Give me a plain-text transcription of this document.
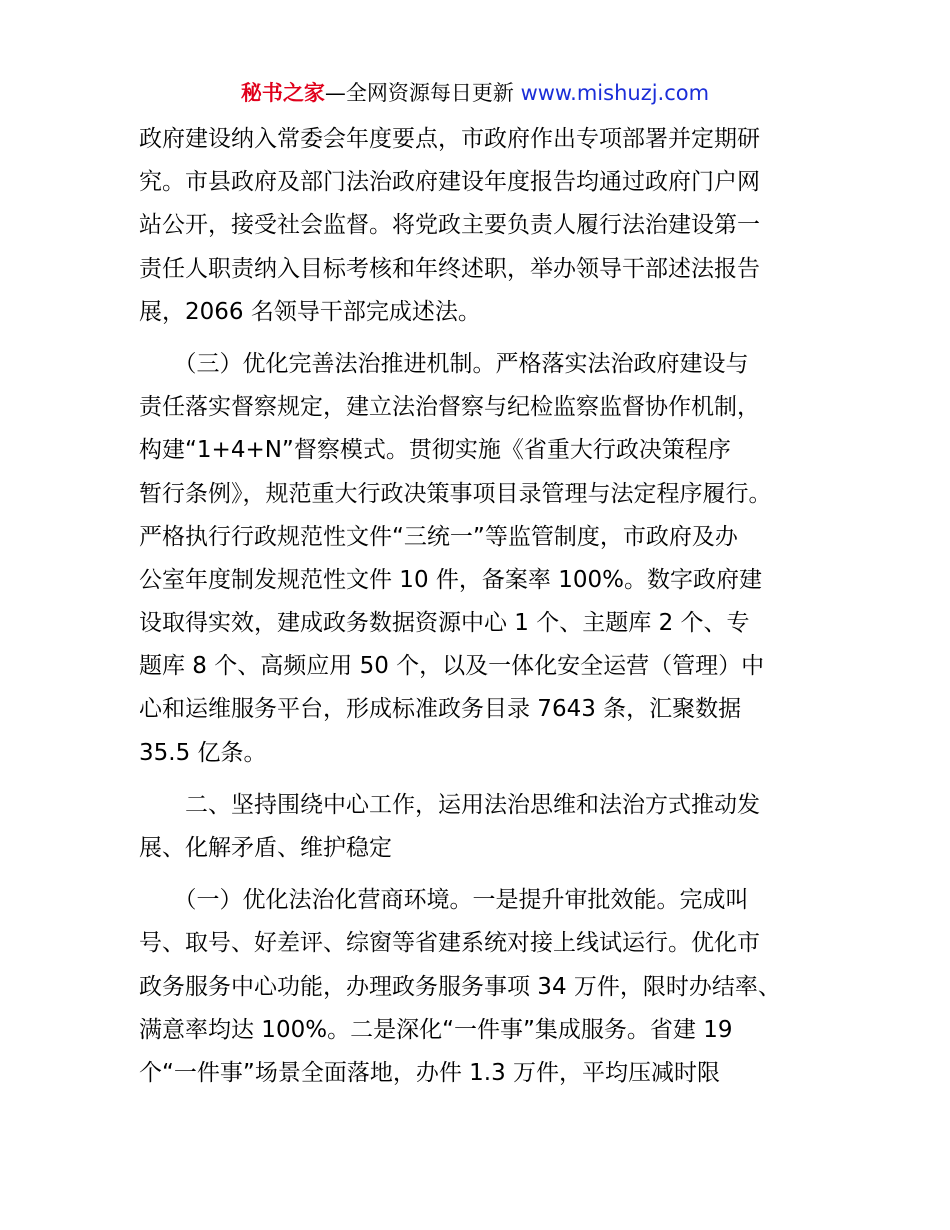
秘书之家—全网资源每日更新 www.mishuzj.com
政府建设纳入常委会年度要点，市政府作出专项部署并定期研
究。市县政府及部门法治政府建设年度报告均通过政府门户网
站公开，接受社会监督。将党政主要负责人履行法治建设第一
责任人职责纳入目标考核和年终述职，举办领导干部述法报告
展，2066 名领导干部完成述法。
　　（三）优化完善法治推进机制。严格落实法治政府建设与
责任落实督察规定，建立法治督察与纪检监察监督协作机制，
构建“1+4+N”督察模式。贯彻实施《省重大行政决策程序
暂行条例》，规范重大行政决策事项目录管理与法定程序履行。
严格执行行政规范性文件“三统一”等监管制度，市政府及办
公室年度制发规范性文件 10 件，备案率 100%。数字政府建
设取得实效，建成政务数据资源中心 1 个、主题库 2 个、专
题库 8 个、高频应用 50 个，以及一体化安全运营（管理）中
心和运维服务平台，形成标准政务目录 7643 条，汇聚数据
35.5 亿条。
　　二、坚持围绕中心工作，运用法治思维和法治方式推动发
展、化解矛盾、维护稳定
　　（一）优化法治化营商环境。一是提升审批效能。完成叫
号、取号、好差评、综窗等省建系统对接上线试运行。优化市
政务服务中心功能，办理政务服务事项 34 万件，限时办结率、
满意率均达 100%。二是深化“一件事”集成服务。省建 19
个“一件事”场景全面落地，办件 1.3 万件，平均压减时限
